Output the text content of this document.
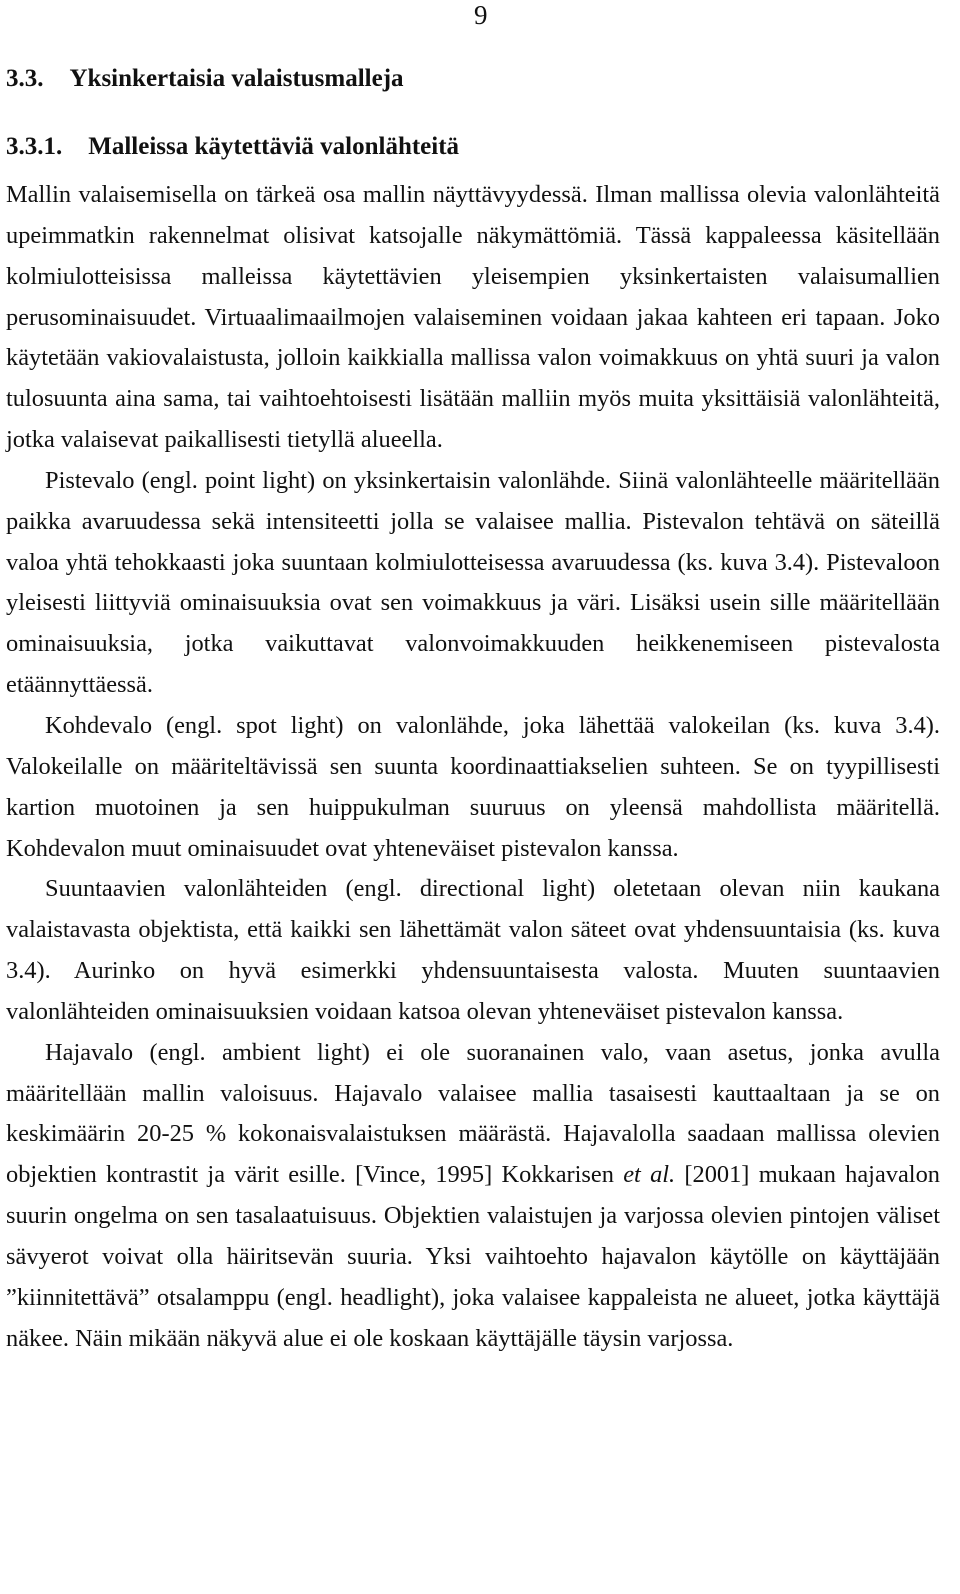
9
3.3. Yksinkertaisia valaistusmalleja
3.3.1. Malleissa käytettäviä valonlähteitä

Mallin valaisemisella on tärkeä osa mallin näyttävyydessä. Ilman mallissa olevia valonlähteitä upeimmatkin rakennelmat olisivat katsojalle näkymättömiä. Tässä kappaleessa käsitellään kolmiulotteisissa malleissa käytettävien yleisempien yksinkertaisten valaisumallien perusominaisuudet. Virtuaalimaailmojen valaiseminen voidaan jakaa kahteen eri tapaan. Joko käytetään vakiovalaistusta, jolloin kaikkialla mallissa valon voimakkuus on yhtä suuri ja valon tulosuunta aina sama, tai vaihtoehtoisesti lisätään malliin myös muita yksittäisiä valonlähteitä, jotka valaisevat paikallisesti tietyllä alueella.

Pistevalo (engl. point light) on yksinkertaisin valonlähde. Siinä valonlähteelle määritellään paikka avaruudessa sekä intensiteetti jolla se valaisee mallia. Pistevalon tehtävä on säteillä valoa yhtä tehokkaasti joka suuntaan kolmiulotteisessa avaruudessa (ks. kuva 3.4). Pistevaloon yleisesti liittyviä ominaisuuksia ovat sen voimakkuus ja väri. Lisäksi usein sille määritellään ominaisuuksia, jotka vaikuttavat valonvoimakkuuden heikkenemiseen pistevalosta etäännyttäessä.

Kohdevalo (engl. spot light) on valonlähde, joka lähettää valokeilan (ks. kuva 3.4). Valokeilalle on määriteltävissä sen suunta koordinaattiakselien suhteen. Se on tyypillisesti kartion muotoinen ja sen huippukulman suuruus on yleensä mahdollista määritellä. Kohdevalon muut ominaisuudet ovat yhteneväiset pistevalon kanssa.

Suuntaavien valonlähteiden (engl. directional light) oletetaan olevan niin kaukana valaistavasta objektista, että kaikki sen lähettämät valon säteet ovat yhdensuuntaisia (ks. kuva 3.4). Aurinko on hyvä esimerkki yhdensuuntaisesta valosta. Muuten suuntaavien valonlähteiden ominaisuuksien voidaan katsoa olevan yhteneväiset pistevalon kanssa.

Hajavalo (engl. ambient light) ei ole suoranainen valo, vaan asetus, jonka avulla määritellään mallin valoisuus. Hajavalo valaisee mallia tasaisesti kauttaaltaan ja se on keskimäärin 20-25 % kokonaisvalaistuksen määrästä. Hajavalolla saadaan mallissa olevien objektien kontrastit ja värit esille. [Vince, 1995] Kokkarisen et al. [2001] mukaan hajavalon suurin ongelma on sen tasalaatuisuus. Objektien valaistujen ja varjossa olevien pintojen väliset sävyerot voivat olla häiritsevän suuria. Yksi vaihtoehto hajavalon käytölle on käyttäjään ”kiinnitettävä” otsalamppu (engl. headlight), joka valaisee kappaleista ne alueet, jotka käyttäjä näkee. Näin mikään näkyvä alue ei ole koskaan käyttäjälle täysin varjossa.
